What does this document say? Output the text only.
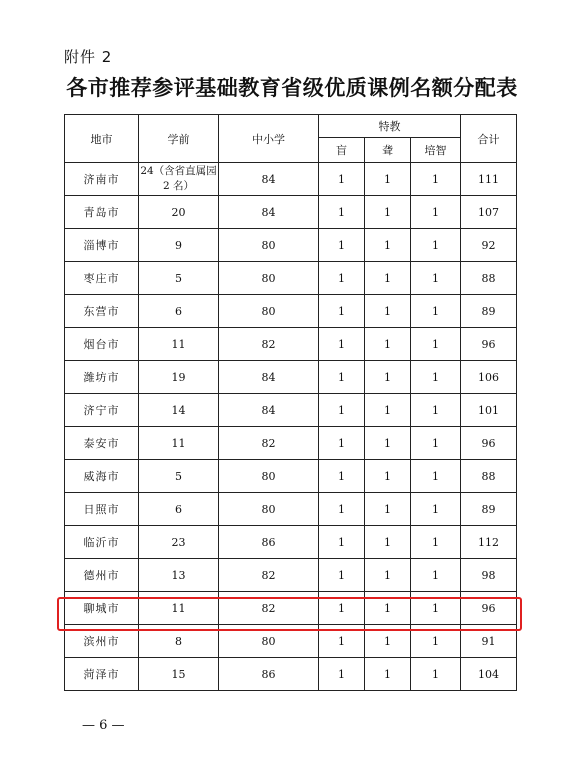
附件 2
各市推荐参评基础教育省级优质课例名额分配表
地市	学前	中小学	特教			合计
			盲	聋	培智	
济南市	24（含省直属园 2 名）	84	1	1	1	111
青岛市	20	84	1	1	1	107
淄博市	9	80	1	1	1	92
枣庄市	5	80	1	1	1	88
东营市	6	80	1	1	1	89
烟台市	11	82	1	1	1	96
潍坊市	19	84	1	1	1	106
济宁市	14	84	1	1	1	101
泰安市	11	82	1	1	1	96
威海市	5	80	1	1	1	88
日照市	6	80	1	1	1	89
临沂市	23	86	1	1	1	112
德州市	13	82	1	1	1	98
聊城市	11	82	1	1	1	96
滨州市	8	80	1	1	1	91
菏泽市	15	86	1	1	1	104
— 6 —
